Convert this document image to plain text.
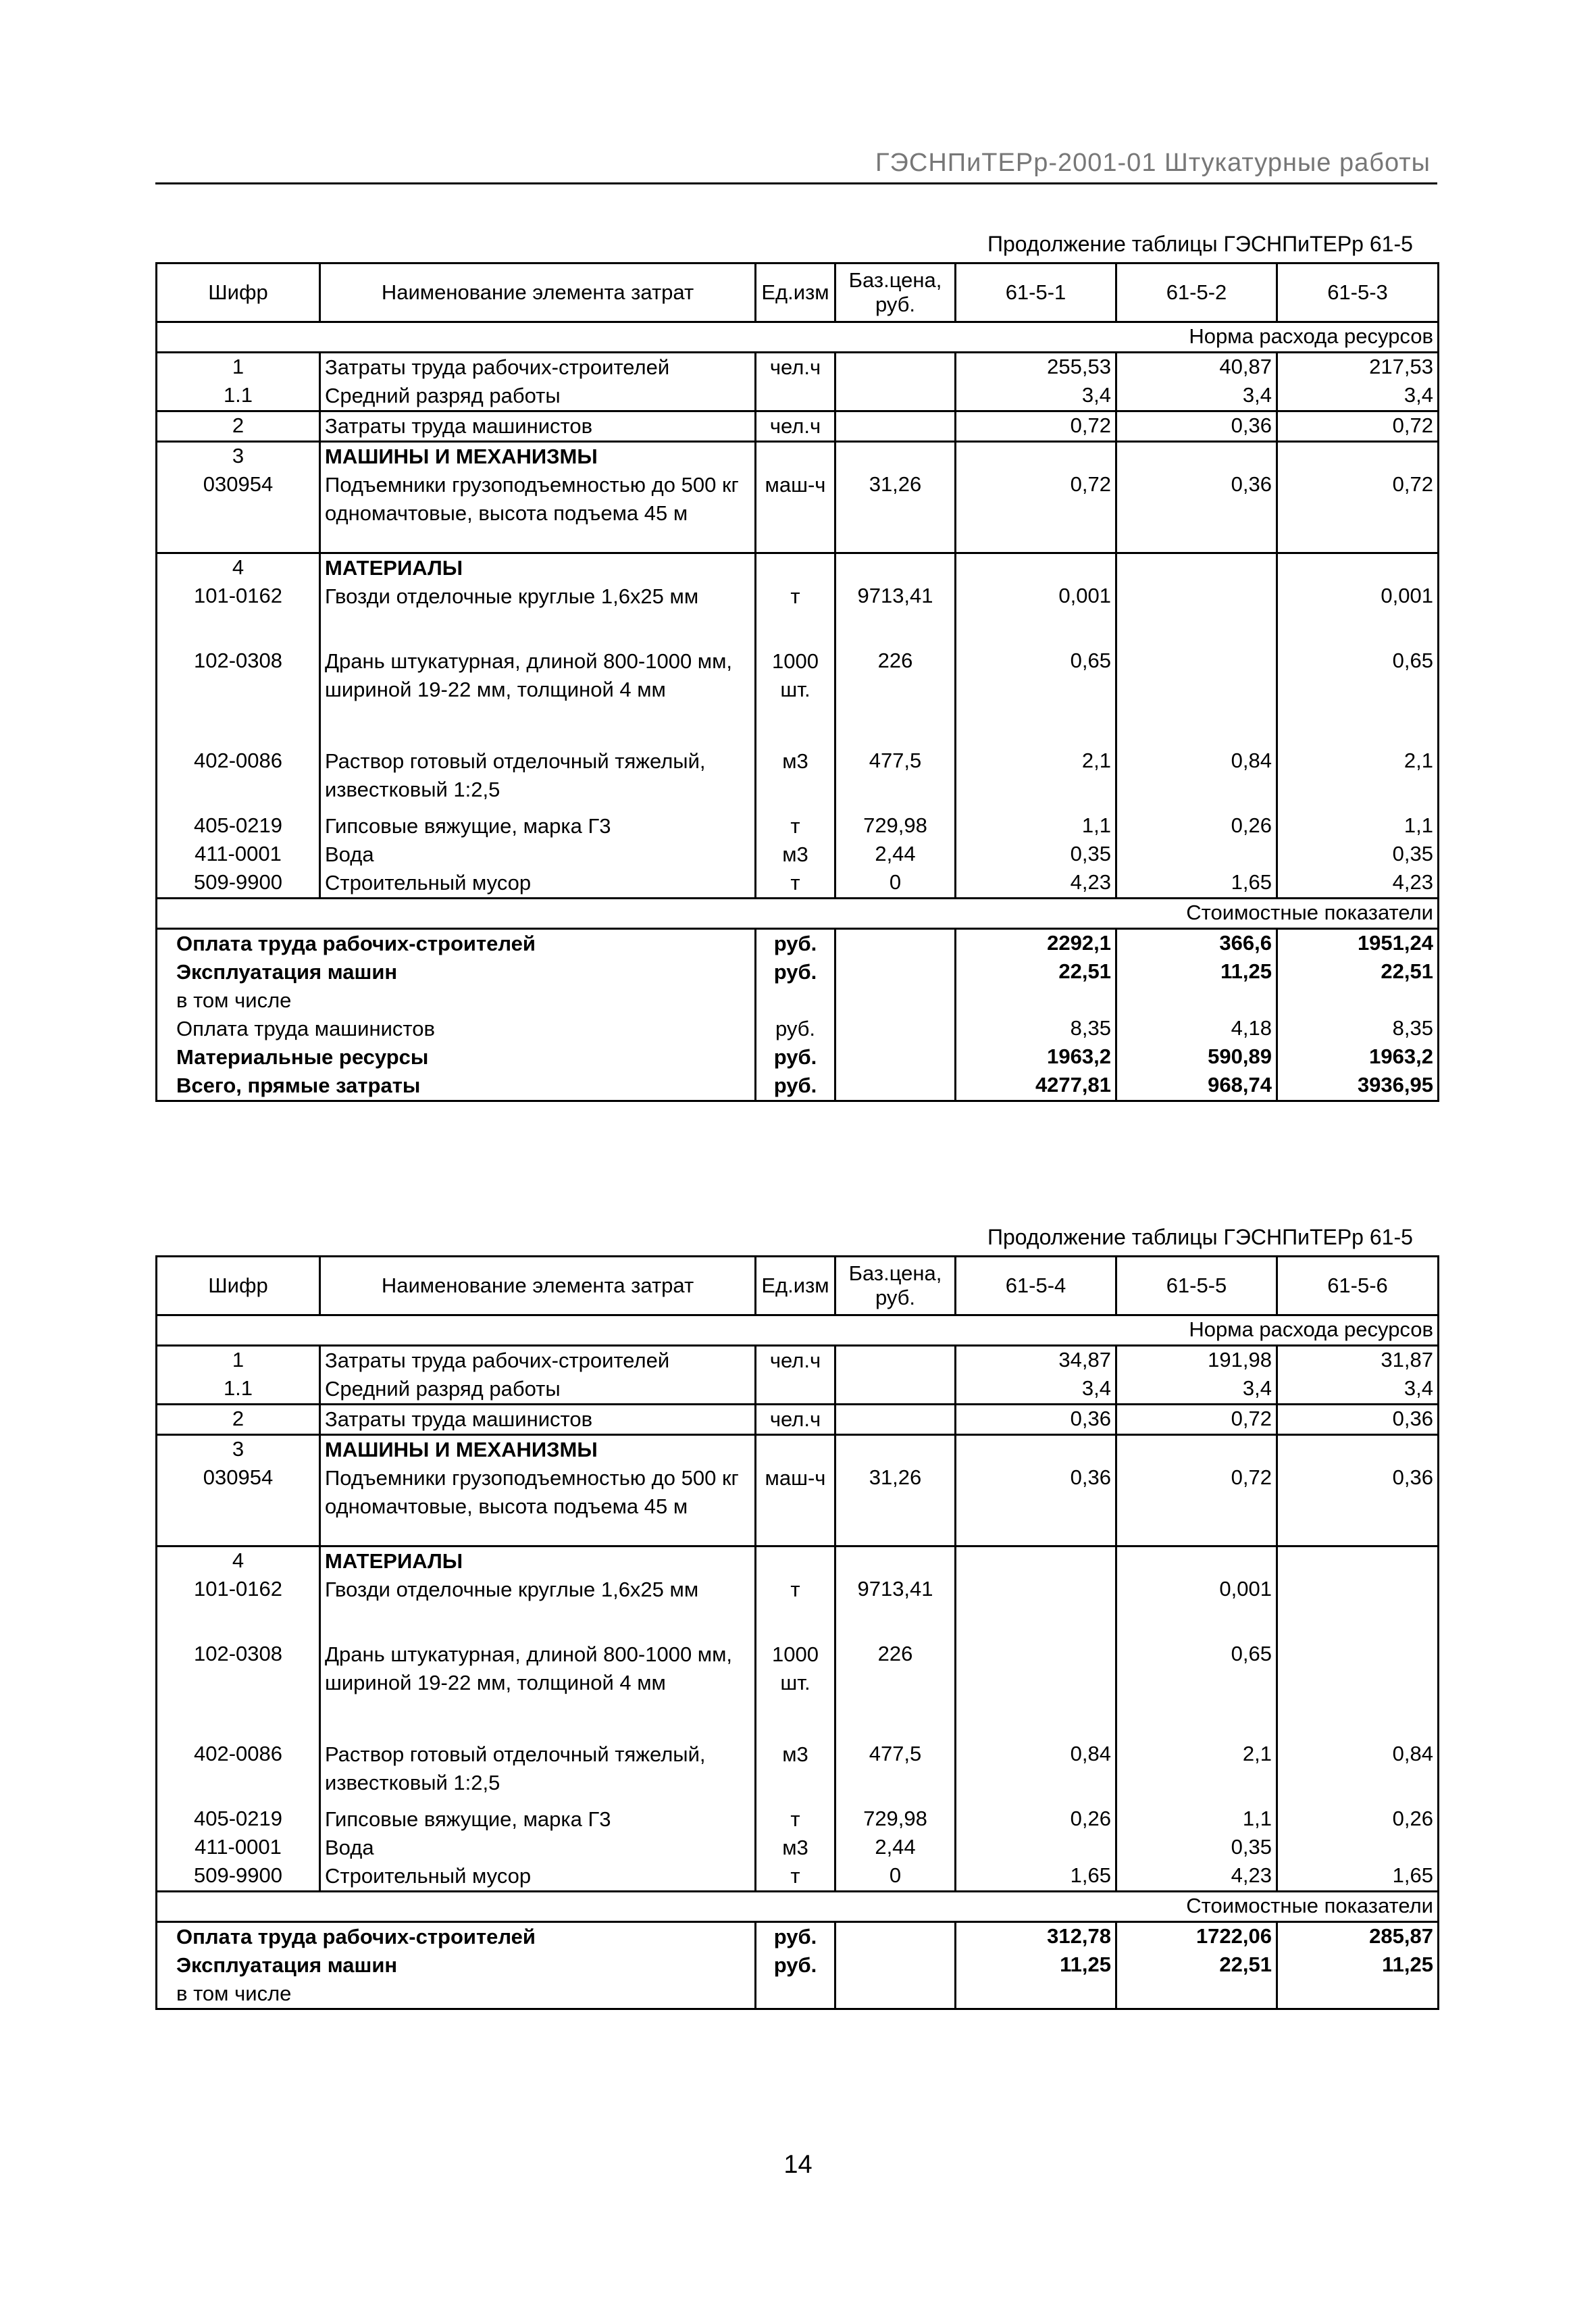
ГЭСНПиТЕРр-2001-01 Штукатурные работы
Продолжение таблицы ГЭСНПиТЕРр 61-5
Шифр	Наименование элемента затрат	Ед.изм	Баз.цена, руб.	61-5-1	61-5-2	61-5-3
Норма расхода ресурсов						
1	Затраты труда рабочих-строителей	чел.ч		255,53	40,87	217,53
1.1	Средний разряд работы			3,4	3,4	3,4
2	Затраты труда машинистов	чел.ч		0,72	0,36	0,72
3	МАШИНЫ И МЕХАНИЗМЫ					
030954	Подъемники грузоподъемностью до 500 кг одномачтовые, высота подъема 45 м	маш-ч	31,26	0,72	0,36	0,72
4	МАТЕРИАЛЫ					
101-0162	Гвозди отделочные круглые 1,6х25 мм	т	9713,41	0,001		0,001
102-0308	Дрань штукатурная, длиной 800-1000 мм, шириной 19-22 мм, толщиной 4 мм	1000 шт.	226	0,65		0,65
402-0086	Раствор готовый отделочный тяжелый, известковый 1:2,5	м3	477,5	2,1	0,84	2,1
405-0219	Гипсовые вяжущие, марка Г3	т	729,98	1,1	0,26	1,1
411-0001	Вода	м3	2,44	0,35		0,35
509-9900	Строительный мусор	т	0	4,23	1,65	4,23
Стоимостные показатели						
Оплата труда рабочих-строителей		руб.		2292,1	366,6	1951,24
Эксплуатация машин		руб.		22,51	11,25	22,51
в том числе						
Оплата труда машинистов		руб.		8,35	4,18	8,35
Материальные ресурсы		руб.		1963,2	590,89	1963,2
Всего, прямые затраты		руб.		4277,81	968,74	3936,95
Продолжение таблицы ГЭСНПиТЕРр 61-5
Шифр	Наименование элемента затрат	Ед.изм	Баз.цена, руб.	61-5-4	61-5-5	61-5-6
Норма расхода ресурсов						
1	Затраты труда рабочих-строителей	чел.ч		34,87	191,98	31,87
1.1	Средний разряд работы			3,4	3,4	3,4
2	Затраты труда машинистов	чел.ч		0,36	0,72	0,36
3	МАШИНЫ И МЕХАНИЗМЫ					
030954	Подъемники грузоподъемностью до 500 кг одномачтовые, высота подъема 45 м	маш-ч	31,26	0,36	0,72	0,36
4	МАТЕРИАЛЫ					
101-0162	Гвозди отделочные круглые 1,6х25 мм	т	9713,41		0,001	
102-0308	Дрань штукатурная, длиной 800-1000 мм, шириной 19-22 мм, толщиной 4 мм	1000 шт.	226		0,65	
402-0086	Раствор готовый отделочный тяжелый, известковый 1:2,5	м3	477,5	0,84	2,1	0,84
405-0219	Гипсовые вяжущие, марка Г3	т	729,98	0,26	1,1	0,26
411-0001	Вода	м3	2,44		0,35	
509-9900	Строительный мусор	т	0	1,65	4,23	1,65
Стоимостные показатели						
Оплата труда рабочих-строителей		руб.		312,78	1722,06	285,87
Эксплуатация машин		руб.		11,25	22,51	11,25
в том числе						
14
